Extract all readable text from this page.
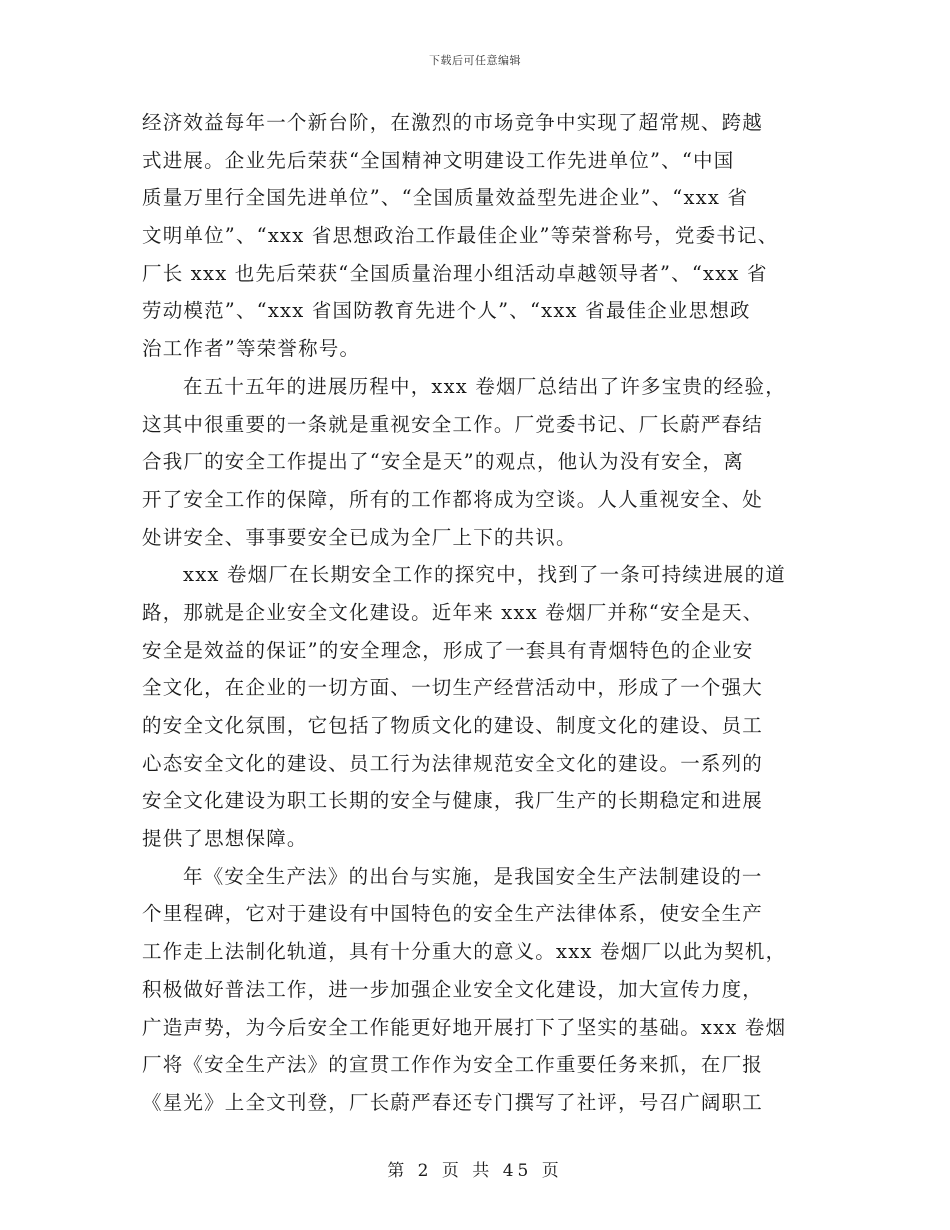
下载后可任意编辑
经济效益每年一个新台阶，在激烈的市场竞争中实现了超常规、跨越
式进展。企业先后荣获“全国精神文明建设工作先进单位”、“中国
质量万里行全国先进单位”、“全国质量效益型先进企业”、“xxx 省
文明单位”、“xxx 省思想政治工作最佳企业”等荣誉称号，党委书记、
厂长 xxx 也先后荣获“全国质量治理小组活动卓越领导者”、“xxx 省
劳动模范”、“xxx 省国防教育先进个人”、“xxx 省最佳企业思想政
治工作者”等荣誉称号。
在五十五年的进展历程中，xxx 卷烟厂总结出了许多宝贵的经验，
这其中很重要的一条就是重视安全工作。厂党委书记、厂长蔚严春结
合我厂的安全工作提出了“安全是天”的观点，他认为没有安全，离
开了安全工作的保障，所有的工作都将成为空谈。人人重视安全、处
处讲安全、事事要安全已成为全厂上下的共识。
xxx 卷烟厂在长期安全工作的探究中，找到了一条可持续进展的道
路，那就是企业安全文化建设。近年来 xxx 卷烟厂并称“安全是天、
安全是效益的保证”的安全理念，形成了一套具有青烟特色的企业安
全文化，在企业的一切方面、一切生产经营活动中，形成了一个强大
的安全文化氛围，它包括了物质文化的建设、制度文化的建设、员工
心态安全文化的建设、员工行为法律规范安全文化的建设。一系列的
安全文化建设为职工长期的安全与健康，我厂生产的长期稳定和进展
提供了思想保障。
年《安全生产法》的出台与实施，是我国安全生产法制建设的一
个里程碑，它对于建设有中国特色的安全生产法律体系，使安全生产
工作走上法制化轨道，具有十分重大的意义。xxx 卷烟厂以此为契机，
积极做好普法工作，进一步加强企业安全文化建设，加大宣传力度，
广造声势，为今后安全工作能更好地开展打下了坚实的基础。xxx 卷烟
厂将《安全生产法》的宣贯工作作为安全工作重要任务来抓，在厂报
《星光》上全文刊登，厂长蔚严春还专门撰写了社评，号召广阔职工
第 2 页 共 45 页
